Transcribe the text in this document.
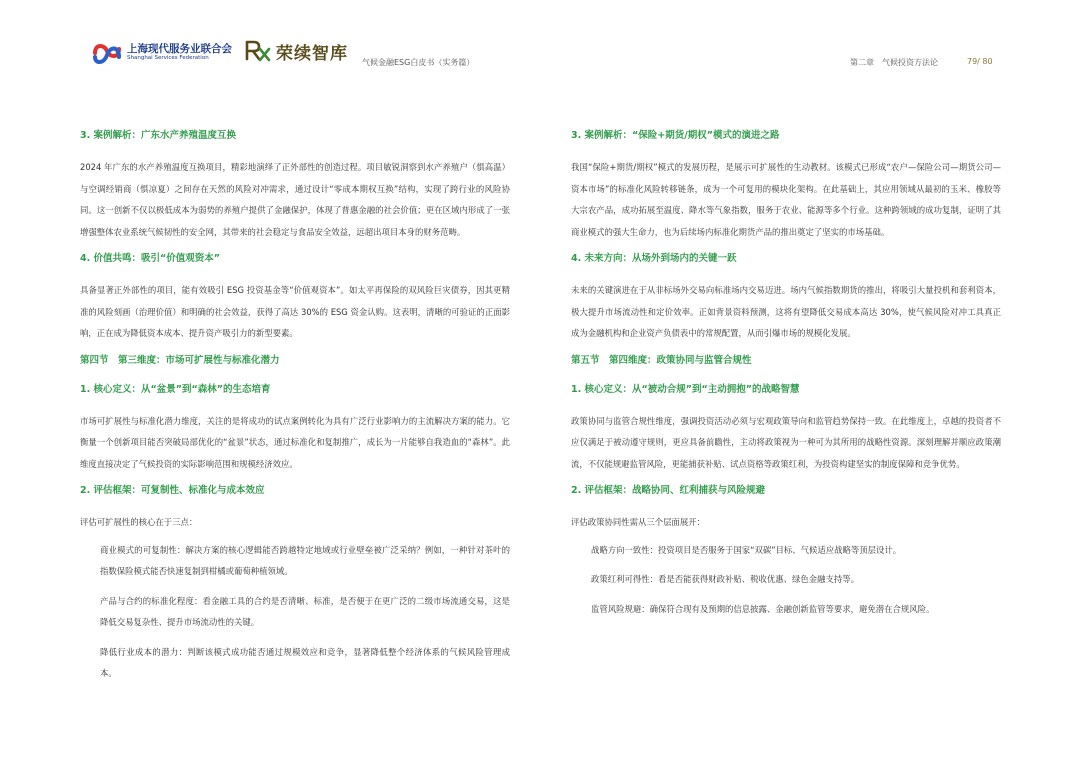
上海现代服务业联合会
Shanghai Services Federation	荣续智库 气候金融ESG白皮书（实务篇）	第二章　气候投资方法论	79/ 80
3. 案例解析：广东水产养殖温度互换
2024 年广东的水产养殖温度互换项目，精彩地演绎了正外部性的创造过程。项目敏锐洞察到水产养殖户（惧高温）与空调经销商（惧凉夏）之间存在天然的风险对冲需求，通过设计“零成本期权互换”结构，实现了跨行业的风险协同。这一创新不仅以极低成本为弱势的养殖户提供了金融保护，体现了普惠金融的社会价值；更在区域内形成了一张增强整体农业系统气候韧性的安全网，其带来的社会稳定与食品安全效益，远超出项目本身的财务范畴。
4. 价值共鸣：吸引“价值观资本”
具备显著正外部性的项目，能有效吸引 ESG 投资基金等“价值观资本”。如太平再保险的双风险巨灾债券，因其更精准的风险刻画（治理价值）和明确的社会效益，获得了高达 30%的 ESG 资金认购。这表明，清晰的可验证的正面影响，正在成为降低资本成本、提升资产吸引力的新型要素。
第四节　第三维度：市场可扩展性与标准化潜力
1. 核心定义：从“盆景”到“森林”的生态培育
市场可扩展性与标准化潜力维度，关注的是将成功的试点案例转化为具有广泛行业影响力的主流解决方案的能力。它衡量一个创新项目能否突破局部优化的“盆景”状态，通过标准化和复制推广，成长为一片能够自我造血的“森林”。此维度直接决定了气候投资的实际影响范围和规模经济效应。
2. 评估框架：可复制性、标准化与成本效应
评估可扩展性的核心在于三点：
商业模式的可复制性：解决方案的核心逻辑能否跨越特定地域或行业壁垒被广泛采纳？例如，一种针对茶叶的指数保险模式能否快速复制到柑橘或葡萄种植领域。
产品与合约的标准化程度：看金融工具的合约是否清晰、标准，是否便于在更广泛的二级市场流通交易，这是降低交易复杂性、提升市场流动性的关键。
降低行业成本的潜力：判断该模式成功能否通过规模效应和竞争，显著降低整个经济体系的气候风险管理成本。
3. 案例解析：“保险+期货/期权”模式的演进之路
我国“保险+期货/期权”模式的发展历程，是展示可扩展性的生动教材。该模式已形成“农户—保险公司—期货公司—资本市场”的标准化风险转移链条，成为一个可复用的模块化架构。在此基础上，其应用领域从最初的玉米、橡胶等大宗农产品，成功拓展至温度、降水等气象指数，服务于农业、能源等多个行业。这种跨领域的成功复制，证明了其商业模式的强大生命力，也为后续场内标准化期货产品的推出奠定了坚实的市场基础。
4. 未来方向：从场外到场内的关键一跃
未来的关键演进在于从非标场外交易向标准场内交易迈进。场内气候指数期货的推出，将吸引大量投机和套利资本，极大提升市场流动性和定价效率。正如背景资料预测，这将有望降低交易成本高达 30%，使气候风险对冲工具真正成为金融机构和企业资产负债表中的常规配置，从而引爆市场的规模化发展。
第五节　第四维度：政策协同与监管合规性
1. 核心定义：从“被动合规”到“主动拥抱”的战略智慧
政策协同与监管合规性维度，强调投资活动必须与宏观政策导向和监管趋势保持一致。在此维度上，卓越的投资者不应仅满足于被动遵守规则，更应具备前瞻性，主动将政策视为一种可为其所用的战略性资源。深刻理解并顺应政策潮流，不仅能规避监管风险，更能捕获补贴、试点资格等政策红利，为投资构建坚实的制度保障和竞争优势。
2. 评估框架：战略协同、红利捕获与风险规避
评估政策协同性需从三个层面展开：
战略方向一致性：投资项目是否服务于国家“双碳”目标、气候适应战略等顶层设计。
政策红利可得性：看是否能获得财政补贴、税收优惠、绿色金融支持等。
监管风险规避：确保符合现有及预期的信息披露、金融创新监管等要求，避免潜在合规风险。
